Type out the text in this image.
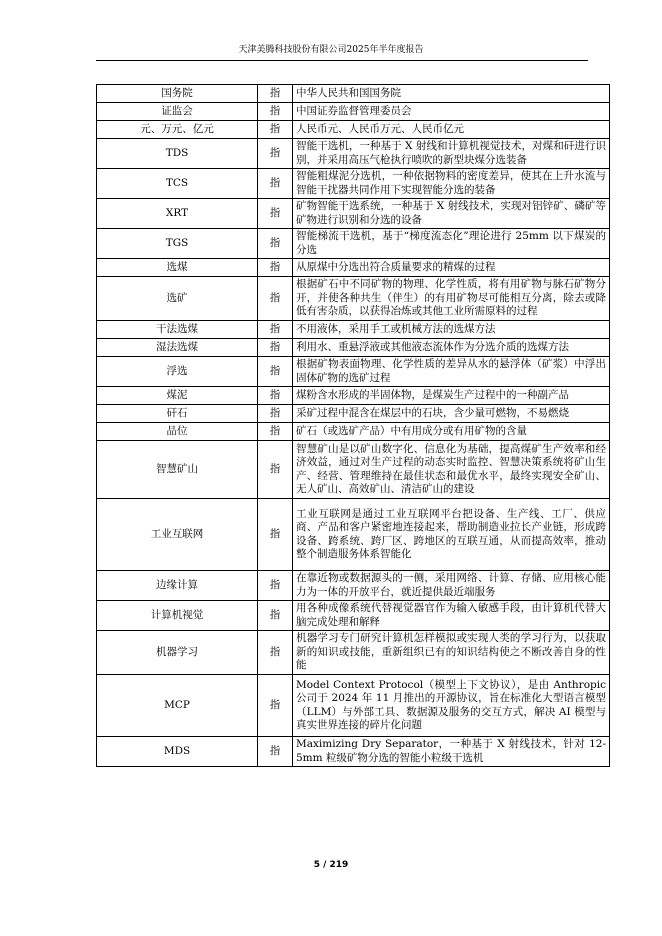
天津美腾科技股份有限公司2025年半年度报告
国务院	指	中华人民共和国国务院
证监会	指	中国证券监督管理委员会
元、万元、亿元	指	人民币元、人民币万元、人民币亿元
TDS	指	智能干选机，一种基于 X 射线和计算机视觉技术，对煤和矸进行识别，并采用高压气枪执行喷吹的新型块煤分选装备
TCS	指	智能粗煤泥分选机，一种依据物料的密度差异，使其在上升水流与智能干扰器共同作用下实现智能分选的装备
XRT	指	矿物智能干选系统，一种基于 X 射线技术，实现对铝锌矿、磷矿等矿物进行识别和分选的设备
TGS	指	智能梯流干选机，基于“梯度流态化”理论进行 25mm 以下煤炭的分选
选煤	指	从原煤中分选出符合质量要求的精煤的过程
选矿	指	根据矿石中不同矿物的物理、化学性质，将有用矿物与脉石矿物分开，并使各种共生（伴生）的有用矿物尽可能相互分离，除去或降低有害杂质，以获得冶炼或其他工业所需原料的过程
干法选煤	指	不用液体，采用手工或机械方法的选煤方法
湿法选煤	指	利用水、重悬浮液或其他液态流体作为分选介质的选煤方法
浮选	指	根据矿物表面物理、化学性质的差异从水的悬浮体（矿浆）中浮出固体矿物的选矿过程
煤泥	指	煤粉含水形成的半固体物，是煤炭生产过程中的一种副产品
矸石	指	采矿过程中混含在煤层中的石块，含少量可燃物，不易燃烧
品位	指	矿石（或选矿产品）中有用成分或有用矿物的含量
智慧矿山	指	智慧矿山是以矿山数字化、信息化为基础，提高煤矿生产效率和经济效益，通过对生产过程的动态实时监控、智慧决策系统将矿山生产、经营、管理维持在最佳状态和最优水平，最终实现安全矿山、无人矿山、高效矿山、清洁矿山的建设
工业互联网	指	工业互联网是通过工业互联网平台把设备、生产线、工厂、供应商、产品和客户紧密地连接起来，帮助制造业拉长产业链，形成跨设备、跨系统、跨厂区、跨地区的互联互通，从而提高效率，推动整个制造服务体系智能化
边缘计算	指	在靠近物或数据源头的一侧，采用网络、计算、存储、应用核心能力为一体的开放平台，就近提供最近端服务
计算机视觉	指	用各种成像系统代替视觉器官作为输入敏感手段，由计算机代替大脑完成处理和解释
机器学习	指	机器学习专门研究计算机怎样模拟或实现人类的学习行为，以获取新的知识或技能，重新组织已有的知识结构使之不断改善自身的性能
MCP	指	Model Context Protocol（模型上下文协议），是由 Anthropic 公司于 2024 年 11 月推出的开源协议，旨在标准化大型语言模型（LLM）与外部工具、数据源及服务的交互方式，解决 AI 模型与真实世界连接的碎片化问题
MDS	指	Maximizing Dry Separator，一种基于 X 射线技术，针对 12-5mm 粒级矿物分选的智能小粒级干选机
5 / 219
